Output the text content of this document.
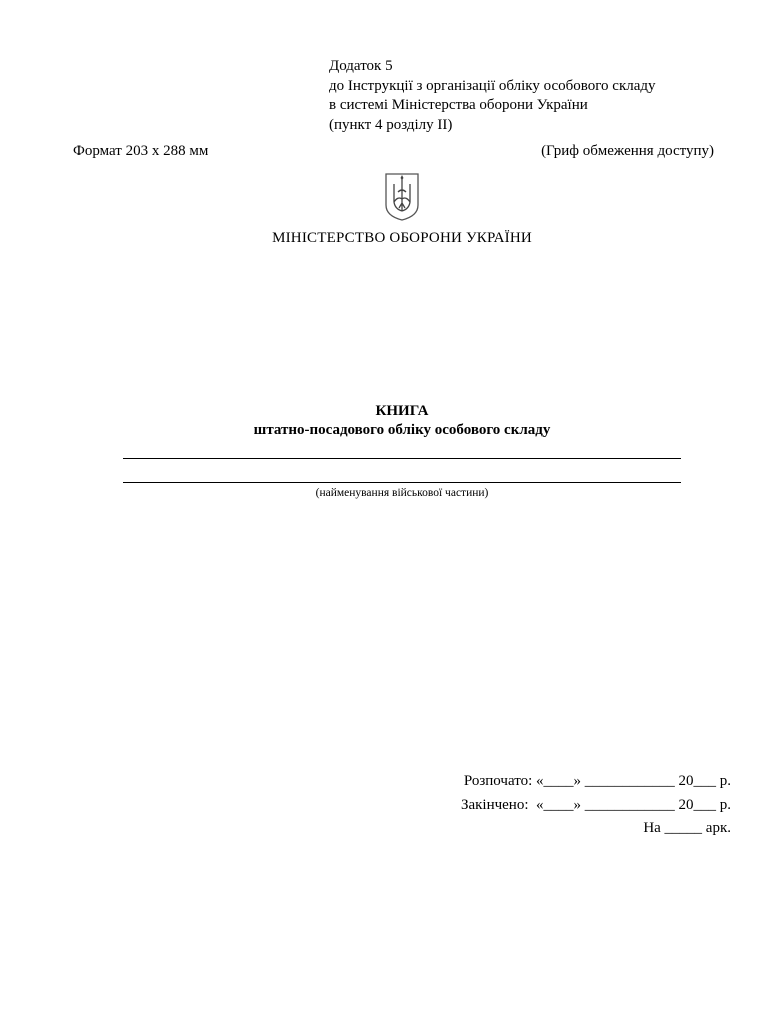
Додаток 5
до Інструкції з організації обліку особового складу
в системі Міністерства оборони України
(пункт 4 розділу ІІ)
Формат 203 х 288 мм	(Гриф обмеження доступу)
МІНІСТЕРСТВО ОБОРОНИ УКРАЇНИ
КНИГА
штатно-посадового обліку особового складу
(найменування військової частини)
Розпочато: «____» ____________ 20___ р.
Закінчено:  «____» ____________ 20___ р.
На _____ арк.
